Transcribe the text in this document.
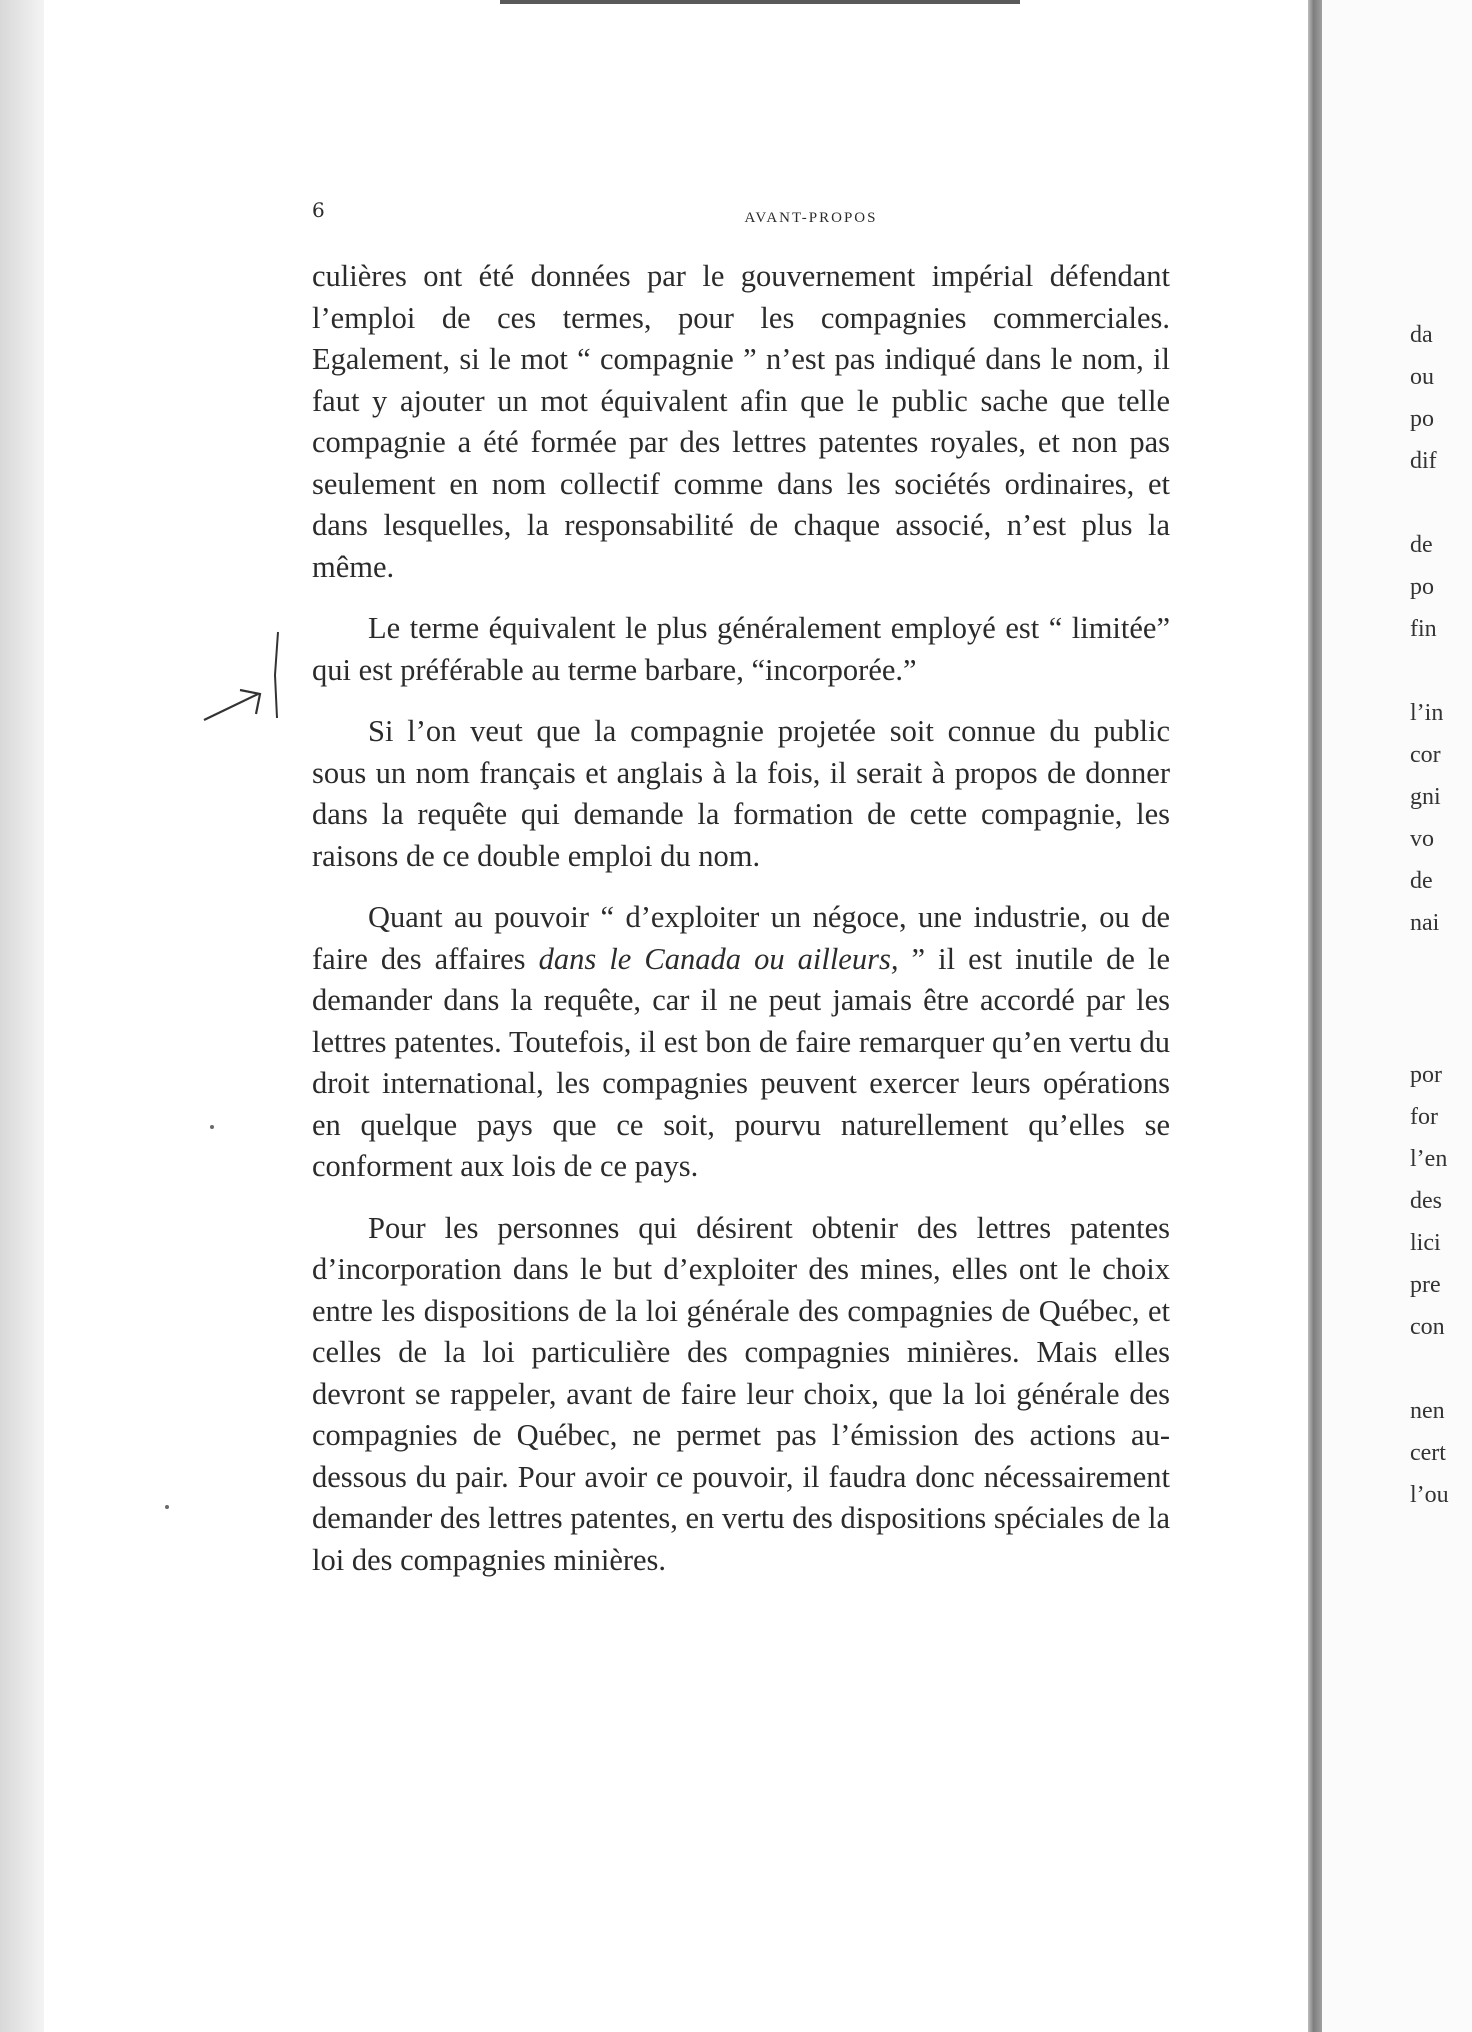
6	AVANT-PROPOS

culières ont été données par le gouvernement impérial défendant l’emploi de ces termes, pour les compagnies commerciales. Egalement, si le mot “ compagnie ” n’est pas indiqué dans le nom, il faut y ajouter un mot équivalent afin que le public sache que telle compagnie a été formée par des lettres patentes royales, et non pas seulement en nom collectif comme dans les sociétés ordinaires, et dans lesquelles, la responsabilité de chaque associé, n’est plus la même.

Le terme équivalent le plus généralement employé est “ limitée” qui est préférable au terme barbare, “incorporée.”

Si l’on veut que la compagnie projetée soit connue du public sous un nom français et anglais à la fois, il serait à propos de donner dans la requête qui demande la formation de cette compagnie, les raisons de ce double emploi du nom.

Quant au pouvoir “ d’exploiter un négoce, une industrie, ou de faire des affaires dans le Canada ou ailleurs, ” il est inutile de le demander dans la requête, car il ne peut jamais être accordé par les lettres patentes. Toutefois, il est bon de faire remarquer qu’en vertu du droit international, les compagnies peuvent exercer leurs opérations en quelque pays que ce soit, pourvu naturellement qu’elles se conforment aux lois de ce pays.

Pour les personnes qui désirent obtenir des lettres patentes d’incorporation dans le but d’exploiter des mines, elles ont le choix entre les dispositions de la loi générale des compagnies de Québec, et celles de la loi particulière des compagnies minières. Mais elles devront se rappeler, avant de faire leur choix, que la loi générale des compagnies de Québec, ne permet pas l’émission des actions au-dessous du pair. Pour avoir ce pouvoir, il faudra donc nécessairement demander des lettres patentes, en vertu des dispositions spéciales de la loi des compagnies minières.

da
ou
po
dif
de
po
fin
l’in
cor
gni
vo
de
nai
por
for
l’en
des
lici
pre
con
nen
cert
l’ou
